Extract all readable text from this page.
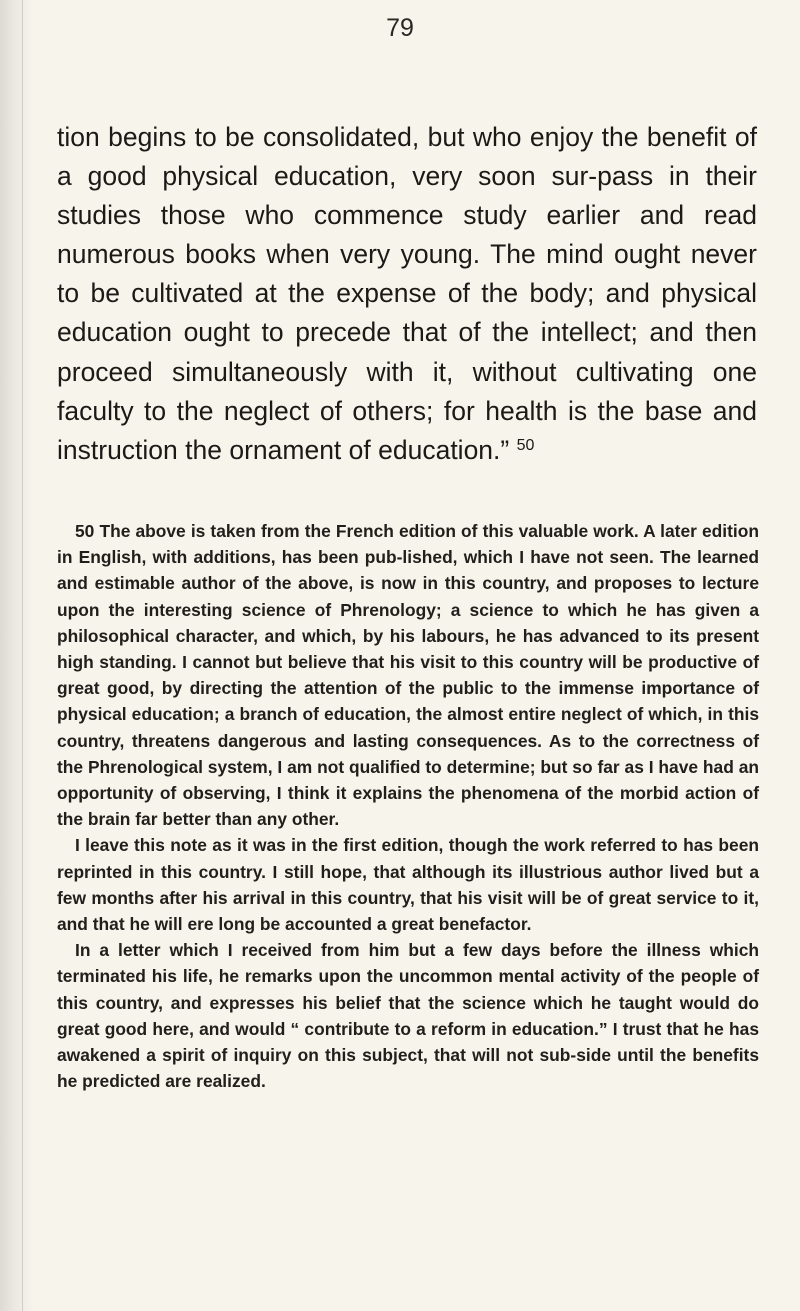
79

tion begins to be consolidated, but who enjoy the benefit of a good physical education, very soon sur-pass in their studies those who commence study earlier and read numerous books when very young. The mind ought never to be cultivated at the expense of the body; and physical education ought to precede that of the intellect; and then proceed simultaneously with it, without cultivating one faculty to the neglect of others; for health is the base and instruction the ornament of education.” $^{50}$

50 The above is taken from the French edition of this valuable work. A later edition in English, with additions, has been pub-lished, which I have not seen. The learned and estimable author of the above, is now in this country, and proposes to lecture upon the interesting science of Phrenology; a science to which he has given a philosophical character, and which, by his labours, he has advanced to its present high standing. I cannot but believe that his visit to this country will be productive of great good, by directing the attention of the public to the immense importance of physical education; a branch of education, the almost entire neglect of which, in this country, threatens dangerous and lasting consequences. As to the correctness of the Phrenological system, I am not qualified to determine; but so far as I have had an opportunity of observing, I think it explains the phenomena of the morbid action of the brain far better than any other.

I leave this note as it was in the first edition, though the work referred to has been reprinted in this country. I still hope, that although its illustrious author lived but a few months after his arrival in this country, that his visit will be of great service to it, and that he will ere long be accounted a great benefactor.

In a letter which I received from him but a few days before the illness which terminated his life, he remarks upon the uncommon mental activity of the people of this country, and expresses his belief that the science which he taught would do great good here, and would “ contribute to a reform in education.” I trust that he has awakened a spirit of inquiry on this subject, that will not sub-side until the benefits he predicted are realized.
